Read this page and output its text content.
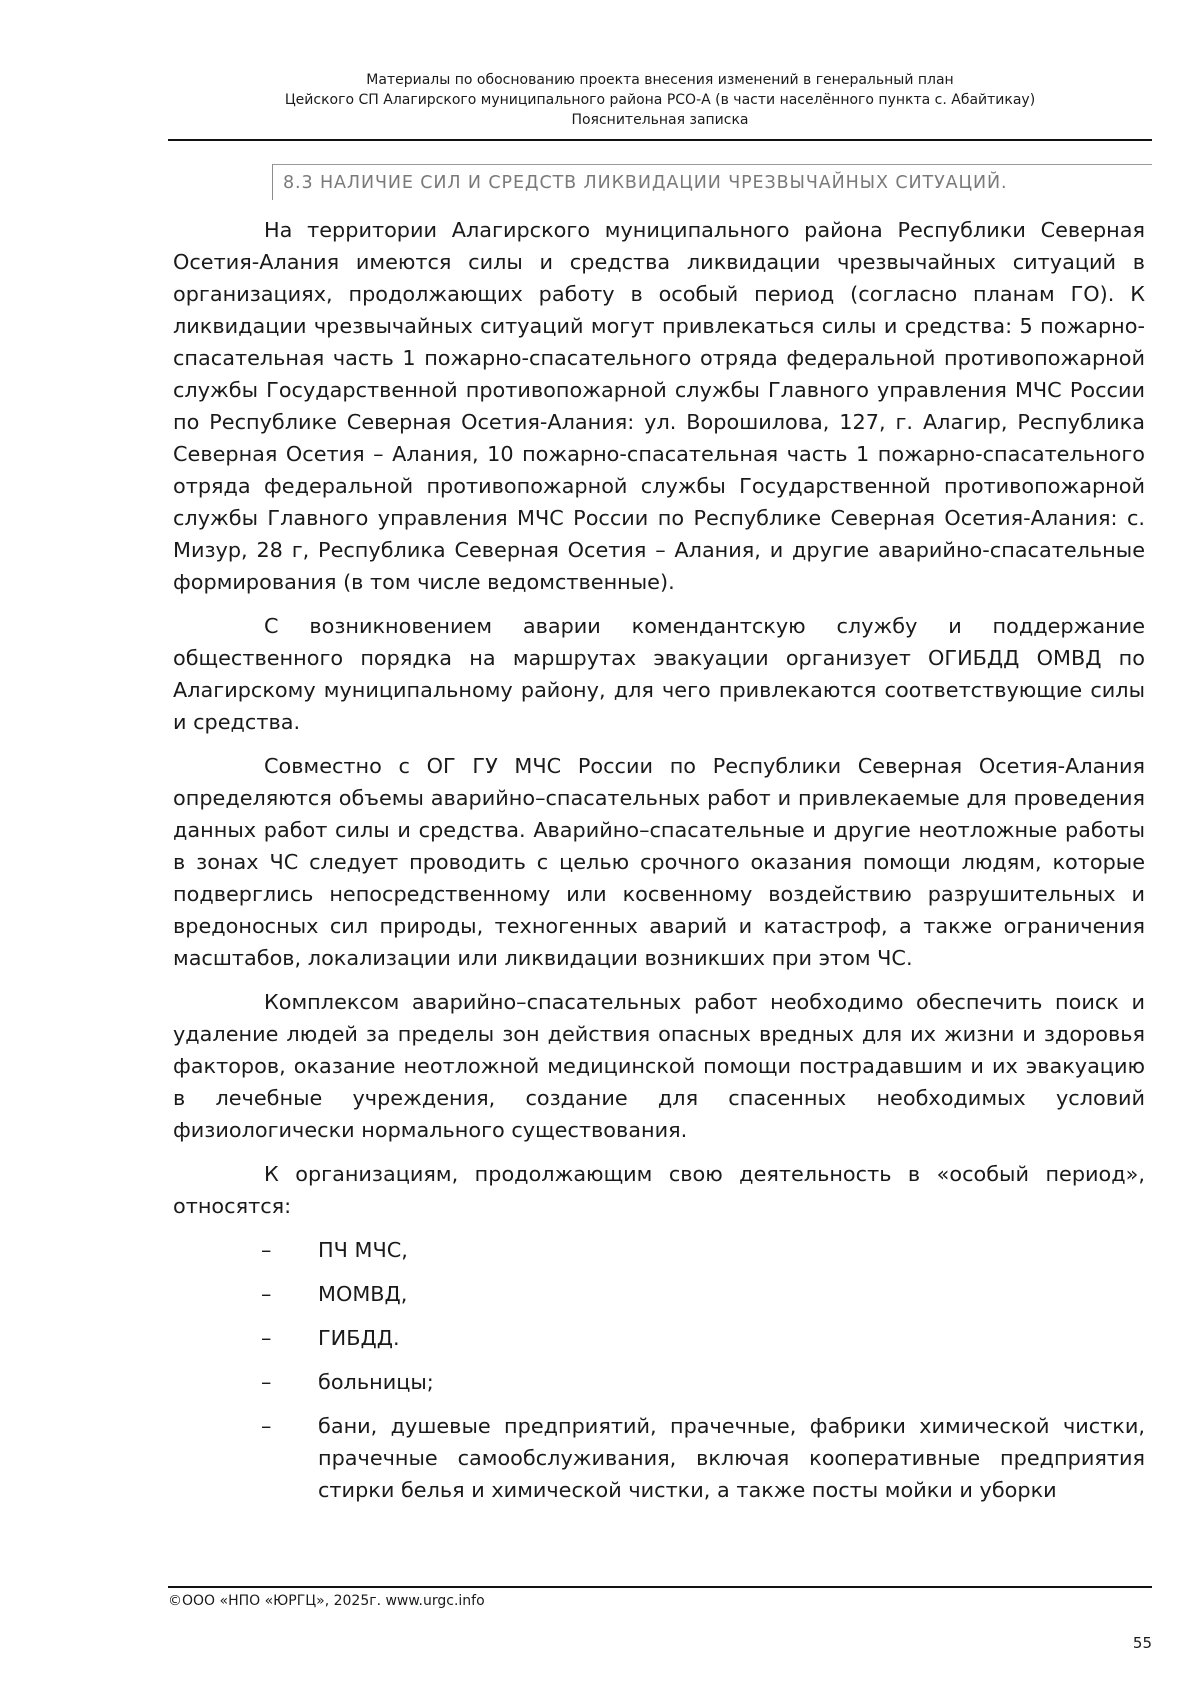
Материалы по обоснованию проекта внесения изменений в генеральный план
Цейского СП Алагирского муниципального района РСО-А (в части населённого пункта с. Абайтикау)
Пояснительная записка
8.3 НАЛИЧИЕ СИЛ И СРЕДСТВ ЛИКВИДАЦИИ ЧРЕЗВЫЧАЙНЫХ СИТУАЦИЙ.

На территории Алагирского муниципального района Республики Северная Осетия-Алания имеются силы и средства ликвидации чрезвычайных ситуаций в организациях, продолжающих работу в особый период (согласно планам ГО). К ликвидации чрезвычайных ситуаций могут привлекаться силы и средства: 5 пожарно-спасательная часть 1 пожарно-спасательного отряда федеральной противопожарной службы Государственной противопожарной службы Главного управления МЧС России по Республике Северная Осетия-Алания: ул. Ворошилова, 127, г. Алагир, Республика Северная Осетия – Алания, 10 пожарно-спасательная часть 1 пожарно-спасательного отряда федеральной противопожарной службы Государственной противопожарной службы Главного управления МЧС России по Республике Северная Осетия-Алания: с. Мизур, 28 г, Республика Северная Осетия – Алания, и другие аварийно-спасательные формирования (в том числе ведомственные).

С возникновением аварии комендантскую службу и поддержание общественного порядка на маршрутах эвакуации организует ОГИБДД ОМВД по Алагирскому муниципальному району, для чего привлекаются соответствующие силы и средства.

Совместно с ОГ ГУ МЧС России по Республики Северная Осетия-Алания определяются объемы аварийно–спасательных работ и привлекаемые для проведения данных работ силы и средства. Аварийно–спасательные и другие неотложные работы в зонах ЧС следует проводить с целью срочного оказания помощи людям, которые подверглись непосредственному или косвенному воздействию разрушительных и вредоносных сил природы, техногенных аварий и катастроф, а также ограничения масштабов, локализации или ликвидации возникших при этом ЧС.

Комплексом аварийно–спасательных работ необходимо обеспечить поиск и удаление людей за пределы зон действия опасных вредных для их жизни и здоровья факторов, оказание неотложной медицинской помощи пострадавшим и их эвакуацию в лечебные учреждения, создание для спасенных необходимых условий физиологически нормального существования.

К организациям, продолжающим свою деятельность в «особый период», относятся:

– ПЧ МЧС,
– МОМВД,
– ГИБДД.
– больницы;
– бани, душевые предприятий, прачечные, фабрики химической чистки, прачечные самообслуживания, включая кооперативные предприятия стирки белья и химической чистки, а также посты мойки и уборки
©ООО «НПО «ЮРГЦ», 2025г. www.urgc.info
55
